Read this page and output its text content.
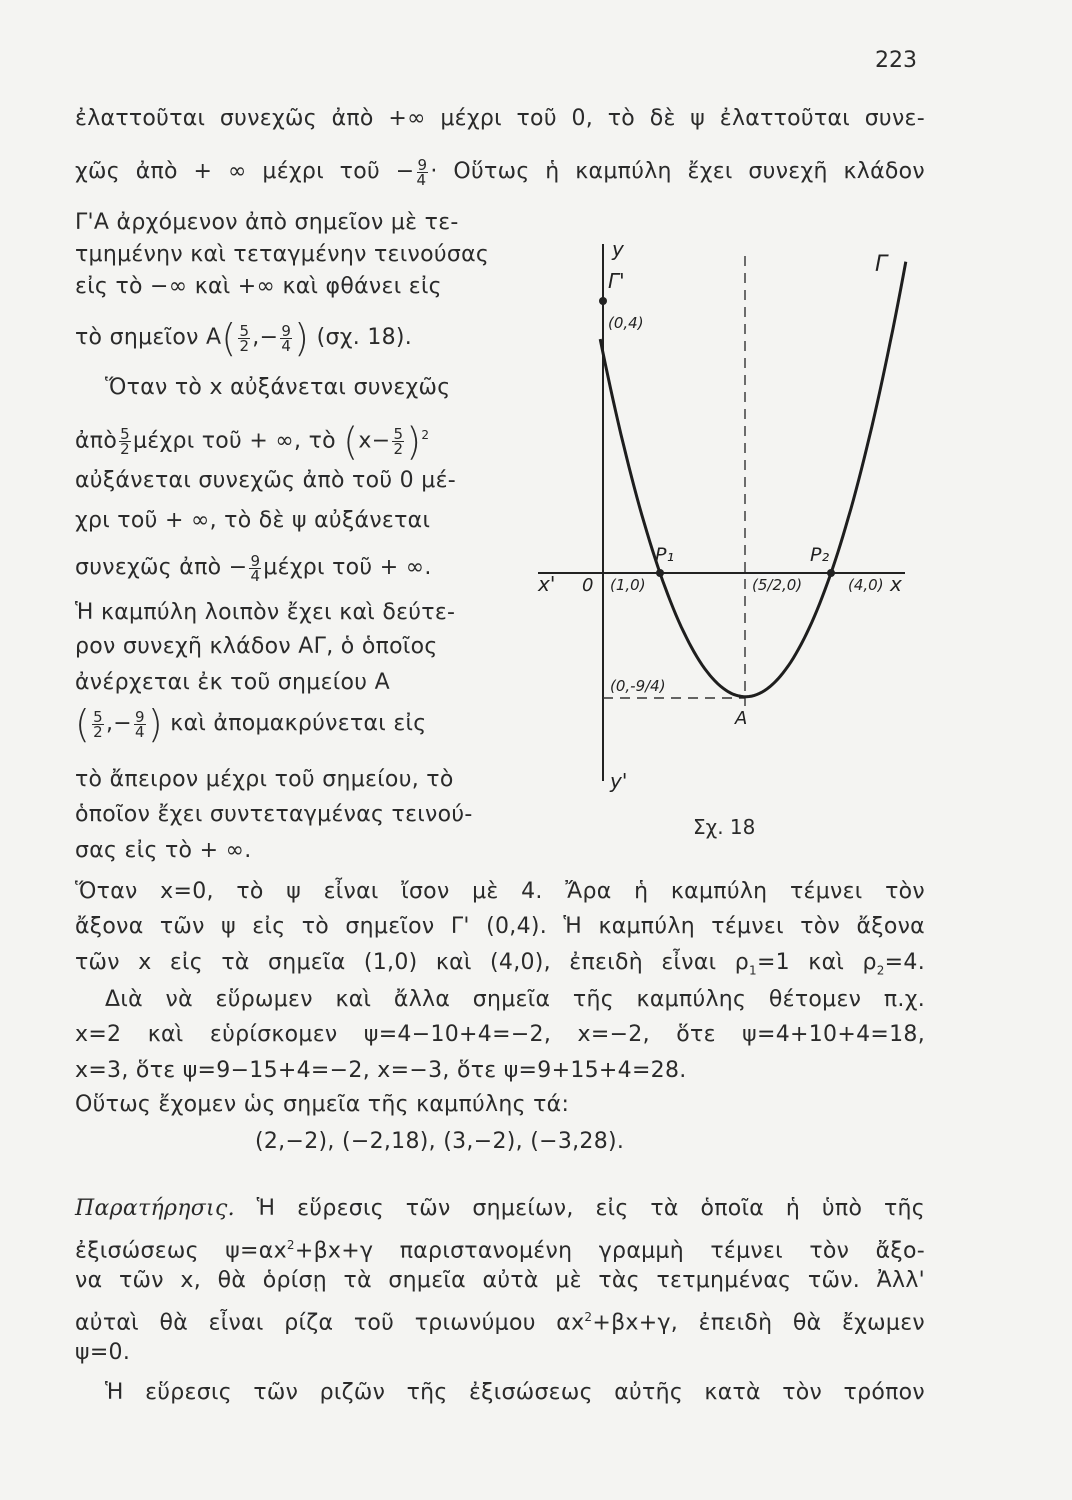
223
ἐλαττοῦται συνεχῶς ἀπὸ +∞ μέχρι τοῦ 0, τὸ δὲ ψ ἐλαττοῦται συνε-
χῶς ἀπὸ + ∞ μέχρι τοῦ − $\frac{9}{4}$ · Οὕτως ἡ καμπύλη ἔχει συνεχῆ κλάδον
Γ'Α ἀρχόμενον ἀπὸ σημεῖον μὲ τε-
τμημένην καὶ τεταγμένην τεινούσας
εἰς τὸ −∞ καὶ +∞ καὶ φθάνει εἰς
τὸ σημεῖον $A( \frac{5}{2}$ ,− $\frac{9}{4}$ ) (σχ. 18).
Ὅταν τὸ x αὐξάνεται συνεχῶς
ἀπὸ $\frac{5}{2}$ μέχρι τοῦ + ∞, τὸ $(x- \frac{5}{2} )^2$
αὐξάνεται συνεχῶς ἀπὸ τοῦ 0 μέ-
χρι τοῦ + ∞, τὸ δὲ ψ αὐξάνεται
συνεχῶς ἀπὸ − $\frac{9}{4}$ μέχρι τοῦ + ∞.
Ἡ καμπύλη λοιπὸν ἔχει καὶ δεύτε-
ρον συνεχῆ κλάδον ΑΓ, ὁ ὁποῖος
ἀνέρχεται ἐκ τοῦ σημείου Α
( $\frac{5}{2}$ ,− $\frac{9}{4}$ ) καὶ ἀπομακρύνεται εἰς
τὸ ἄπειρον μέχρι τοῦ σημείου, τὸ
ὁποῖον ἔχει συντεταγμένας τεινού-
σας εἰς τὸ + ∞.
y
y'
x
x' 0
Γ
Γ'
(0,4)
P₁	P₂
(1,0)	(5/2,0)	(4,0)
(0,-9/4)
A
Σχ. 18
Ὅταν x=0, τὸ ψ εἶναι ἴσον μὲ 4. Ἄρα ἡ καμπύλη τέμνει τὸν
ἄξονα τῶν ψ εἰς τὸ σημεῖον Γ' (0,4). Ἡ καμπύλη τέμνει τὸν ἄξονα
τῶν x εἰς τὰ σημεῖα (1,0) καὶ (4,0), ἐπειδὴ εἶναι $\rho_1=1$ καὶ $\rho_2=4$.
Διὰ νὰ εὕρωμεν καὶ ἄλλα σημεῖα τῆς καμπύλης θέτομεν π.χ.
x=2 καὶ εὑρίσκομεν ψ=4−10+4=−2, x=−2, ὅτε ψ=4+10+4=18,
x=3, ὅτε ψ=9−15+4=−2, x=−3, ὅτε ψ=9+15+4=28.
Οὕτως ἔχομεν ὡς σημεῖα τῆς καμπύλης τά:
(2,−2), (−2,18), (3,−2), (−3,28).
Παρατήρησις. Ἡ εὕρεσις τῶν σημείων, εἰς τὰ ὁποῖα ἡ ὑπὸ τῆς
ἐξισώσεως $\psi=\alpha x^2+\beta x+\gamma$ παριστανομένη γραμμὴ τέμνει τὸν ἄξο-
να τῶν x, θὰ ὁρίσῃ τὰ σημεῖα αὐτὰ μὲ τὰς τετμημένας τῶν. Ἀλλ'
αὐταὶ θὰ εἶναι ρίζα τοῦ τριωνύμου $\alpha x^2+\beta x+\gamma$, ἐπειδὴ θὰ ἔχωμεν
ψ=0.
Ἡ εὕρεσις τῶν ριζῶν τῆς ἐξισώσεως αὐτῆς κατὰ τὸν τρόπον
